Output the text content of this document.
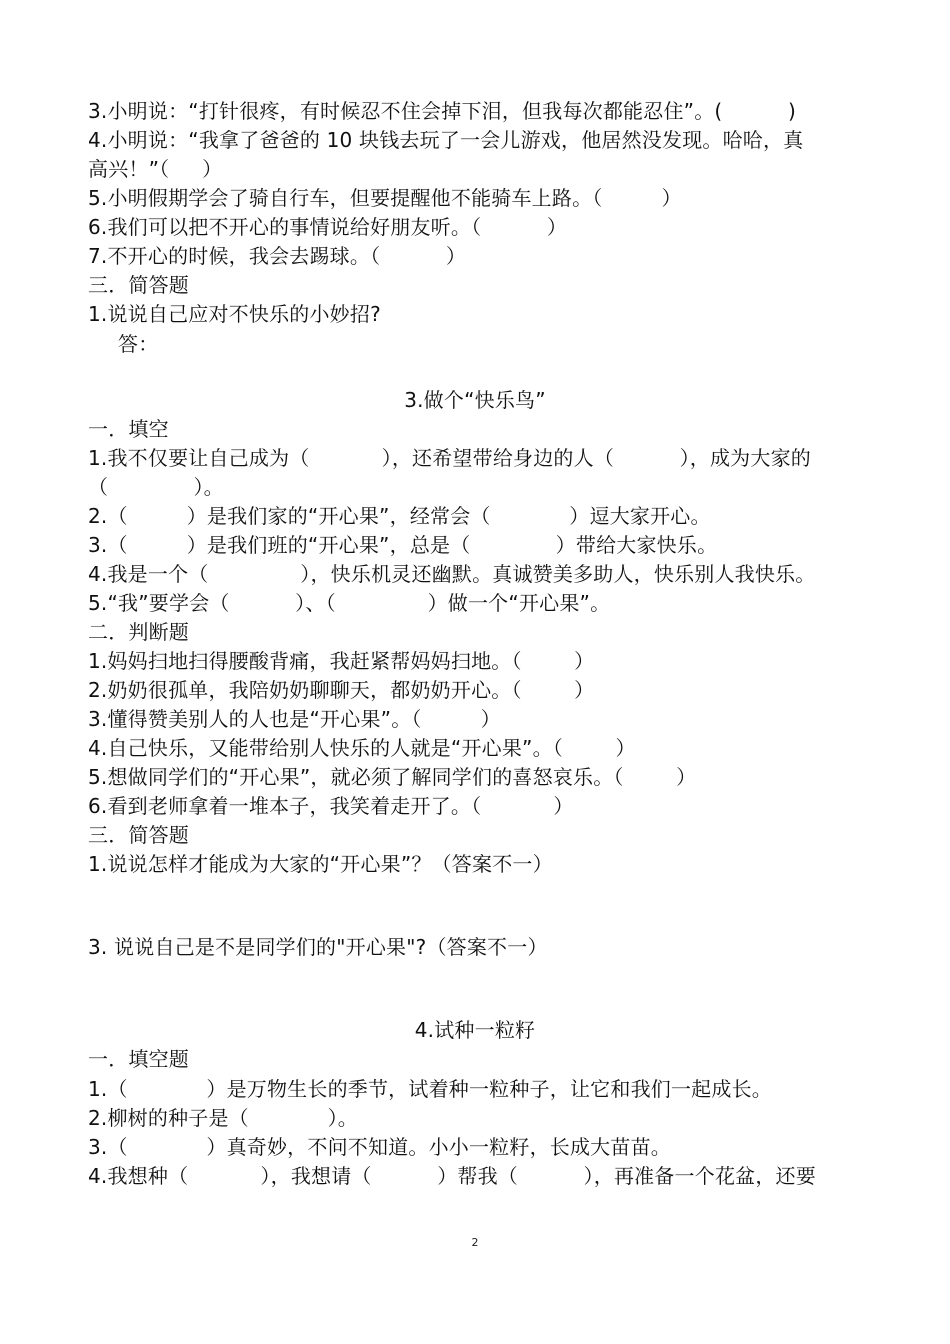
3.小明说：“打针很疼，有时候忍不住会掉下泪，但我每次都能忍住”。(          )
4.小明说：“我拿了爸爸的 10 块钱去玩了一会儿游戏，他居然没发现。哈哈，真
高兴！”（     ）
5.小明假期学会了骑自行车，但要提醒他不能骑车上路。（         ）
6.我们可以把不开心的事情说给好朋友听。（          ）
7.不开心的时候，我会去踢球。（          ）
三．简答题
1.说说自己应对不快乐的小妙招?
答：
3.做个“快乐鸟”
一．填空
1.我不仅要让自己成为（           ），还希望带给身边的人（          ），成为大家的
（             ）。
2.（         ）是我们家的“开心果”，经常会（            ）逗大家开心。
3.（         ）是我们班的“开心果”，总是（             ）带给大家快乐。
4.我是一个（              ），快乐机灵还幽默。真诚赞美多助人，快乐别人我快乐。
5.“我”要学会（          ）、（              ）做一个“开心果”。
二．判断题
1.妈妈扫地扫得腰酸背痛，我赶紧帮妈妈扫地。（        ）
2.奶奶很孤单，我陪奶奶聊聊天，都奶奶开心。（        ）
3.懂得赞美别人的人也是“开心果”。（         ）
4.自己快乐，又能带给别人快乐的人就是“开心果”。（        ）
5.想做同学们的“开心果”，就必须了解同学们的喜怒哀乐。（        ）
6.看到老师拿着一堆本子，我笑着走开了。（           ）
三．简答题
1.说说怎样才能成为大家的“开心果”？（答案不一）
3. 说说自己是不是同学们的"开心果"?（答案不一）
4.试种一粒籽
一．填空题
1.（            ）是万物生长的季节，试着种一粒种子，让它和我们一起成长。
2.柳树的种子是（            ）。
3.（            ）真奇妙，不问不知道。小小一粒籽，长成大苗苗。
4.我想种（           ），我想请（          ）帮我（          ），再准备一个花盆，还要
2
